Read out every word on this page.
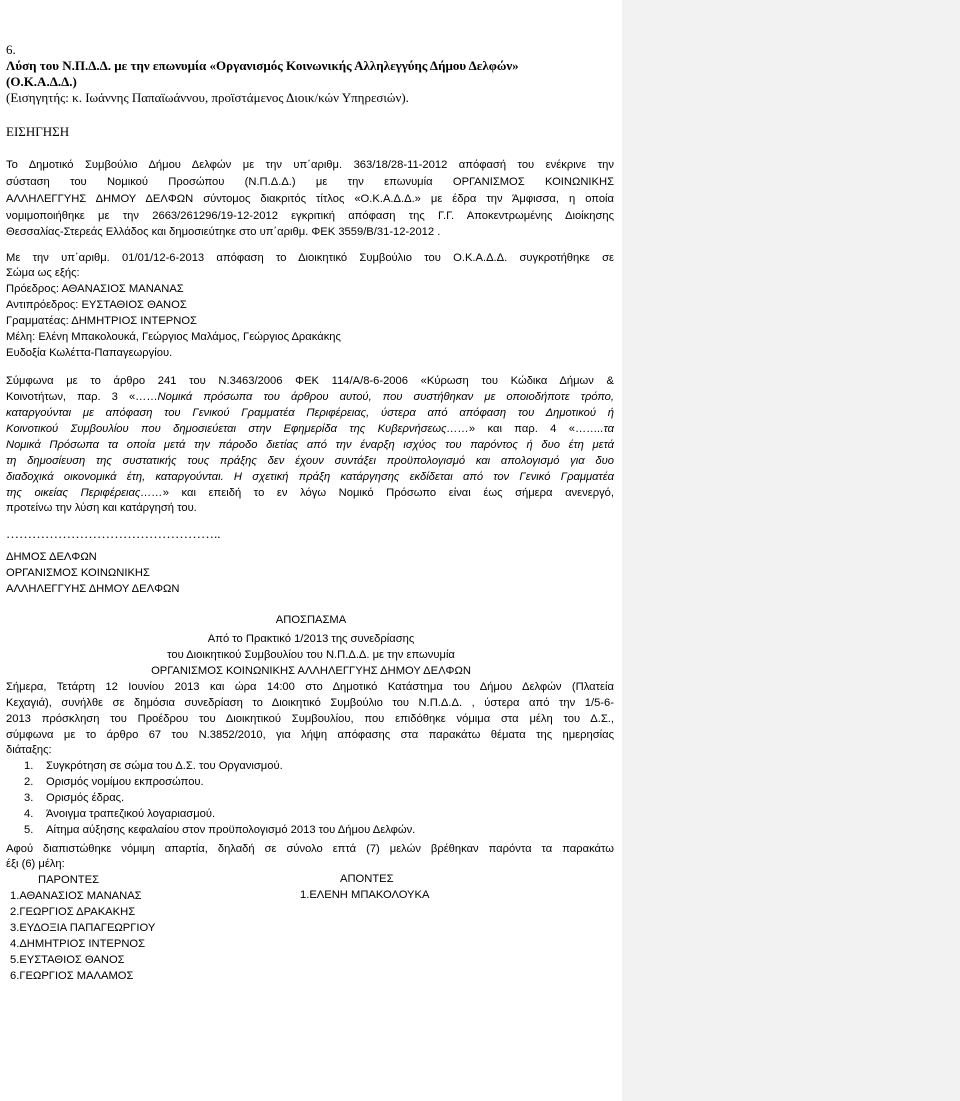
6.
Λύση του Ν.Π.Δ.Δ. με την επωνυμία «Οργανισμός Κοινωνικής Αλληλεγγύης Δήμου Δελφών»
(Ο.Κ.Α.Δ.Δ.)
(Εισηγητής: κ. Ιωάννης Παπαϊωάννου, προϊστάμενος Διοικ/κών Υπηρεσιών).
ΕΙΣΗΓΗΣΗ
Το Δημοτικό Συμβούλιο Δήμου Δελφών με την υπ΄αριθμ. 363/18/28-11-2012 απόφασή του ενέκρινε την
σύσταση του Νομικού Προσώπου (Ν.Π.Δ.Δ.) με την επωνυμία ΟΡΓΑΝΙΣΜΟΣ ΚΟΙΝΩΝΙΚΗΣ
ΑΛΛΗΛΕΓΓΥΗΣ ΔΗΜΟΥ ΔΕΛΦΩΝ σύντομος διακριτός τίτλος «Ο.Κ.Α.Δ.Δ.» με έδρα την Άμφισσα, η οποία
νομιμοποιήθηκε με την 2663/261296/19-12-2012 εγκριτική απόφαση της Γ.Γ. Αποκεντρωμένης Διοίκησης
Θεσσαλίας-Στερεάς Ελλάδος και δημοσιεύτηκε στο υπ΄αριθμ. ΦΕΚ 3559/Β/31-12-2012 .
Με την υπ΄αριθμ. 01/01/12-6-2013 απόφαση το Διοικητικό Συμβούλιο του Ο.Κ.Α.Δ.Δ. συγκροτήθηκε σε
Σώμα ως εξής:
Πρόεδρος: ΑΘΑΝΑΣΙΟΣ ΜΑΝΑΝΑΣ
Αντιπρόεδρος: ΕΥΣΤΑΘΙΟΣ ΘΑΝΟΣ
Γραμματέας: ΔΗΜΗΤΡΙΟΣ ΙΝΤΕΡΝΟΣ
Μέλη: Ελένη Μπακολουκά, Γεώργιος Μαλάμος, Γεώργιος Δρακάκης
Ευδοξία Κωλέττα-Παπαγεωργίου.
Σύμφωνα με το άρθρο 241 του Ν.3463/2006 ΦΕΚ 114/Α/8-6-2006 «Κύρωση του Κώδικα Δήμων &
Κοινοτήτων, παρ. 3 «……Νομικά πρόσωπα του άρθρου αυτού, που συστήθηκαν με οποιοδήποτε τρόπο,
καταργούνται με απόφαση του Γενικού Γραμματέα Περιφέρειας, ύστερα από απόφαση του Δημοτικού ή
Κοινοτικού Συμβουλίου που δημοσιεύεται στην Εφημερίδα της Κυβερνήσεως……» και παρ. 4 «……..τα
Νομικά Πρόσωπα τα οποία μετά την πάροδο διετίας από την έναρξη ισχύος του παρόντος ή δυο έτη μετά
τη δημοσίευση της συστατικής τους πράξης δεν έχουν συντάξει προϋπολογισμό και απολογισμό για δυο
διαδοχικά οικονομικά έτη, καταργούνται. Η σχετική πράξη κατάργησης εκδίδεται από τον Γενικό Γραμματέα
της οικείας Περιφέρειας……» και επειδή το εν λόγω Νομικό Πρόσωπο είναι έως σήμερα ανενεργό,
προτείνω την λύση και κατάργησή του.
…………………………………………..
ΔΗΜΟΣ ΔΕΛΦΩΝ
ΟΡΓΑΝΙΣΜΟΣ ΚΟΙΝΩΝΙΚΗΣ
ΑΛΛΗΛΕΓΓΥΗΣ ΔΗΜΟΥ ΔΕΛΦΩΝ
ΑΠΟΣΠΑΣΜΑ
Από το Πρακτικό 1/2013 της συνεδρίασης
του Διοικητικού Συμβουλίου του Ν.Π.Δ.Δ. με την επωνυμία
ΟΡΓΑΝΙΣΜΟΣ ΚΟΙΝΩΝΙΚΗΣ ΑΛΛΗΛΕΓΓΥΗΣ ΔΗΜΟΥ ΔΕΛΦΩΝ
Σήμερα, Τετάρτη 12 Ιουνίου 2013 και ώρα 14:00 στο Δημοτικό Κατάστημα του Δήμου Δελφών (Πλατεία
Κεχαγιά), συνήλθε σε δημόσια συνεδρίαση το Διοικητικό Συμβούλιο του Ν.Π.Δ.Δ. , ύστερα από την 1/5-6-
2013 πρόσκληση του Προέδρου του Διοικητικού Συμβουλίου, που επιδόθηκε νόμιμα στα μέλη του Δ.Σ.,
σύμφωνα με το άρθρο 67 του Ν.3852/2010, για λήψη απόφασης στα παρακάτω θέματα της ημερησίας
διάταξης:
1. Συγκρότηση σε σώμα του Δ.Σ. του Οργανισμού.
2. Ορισμός νομίμου εκπροσώπου.
3. Ορισμός έδρας.
4. Άνοιγμα τραπεζικού λογαριασμού.
5. Αίτημα αύξησης κεφαλαίου στον προϋπολογισμό 2013 του Δήμου Δελφών.
Αφού διαπιστώθηκε νόμιμη απαρτία, δηλαδή σε σύνολο επτά (7) μελών βρέθηκαν παρόντα τα παρακάτω
έξι (6) μέλη:
ΠΑΡΟΝΤΕΣ	ΑΠΟΝΤΕΣ
1.ΑΘΑΝΑΣΙΟΣ ΜΑΝΑΝΑΣ	1.ΕΛΕΝΗ ΜΠΑΚΟΛΟΥΚΑ
2.ΓΕΩΡΓΙΟΣ ΔΡΑΚΑΚΗΣ
3.ΕΥΔΟΞΙΑ ΠΑΠΑΓΕΩΡΓΙΟΥ
4.ΔΗΜΗΤΡΙΟΣ ΙΝΤΕΡΝΟΣ
5.ΕΥΣΤΑΘΙΟΣ ΘΑΝΟΣ
6.ΓΕΩΡΓΙΟΣ ΜΑΛΑΜΟΣ
